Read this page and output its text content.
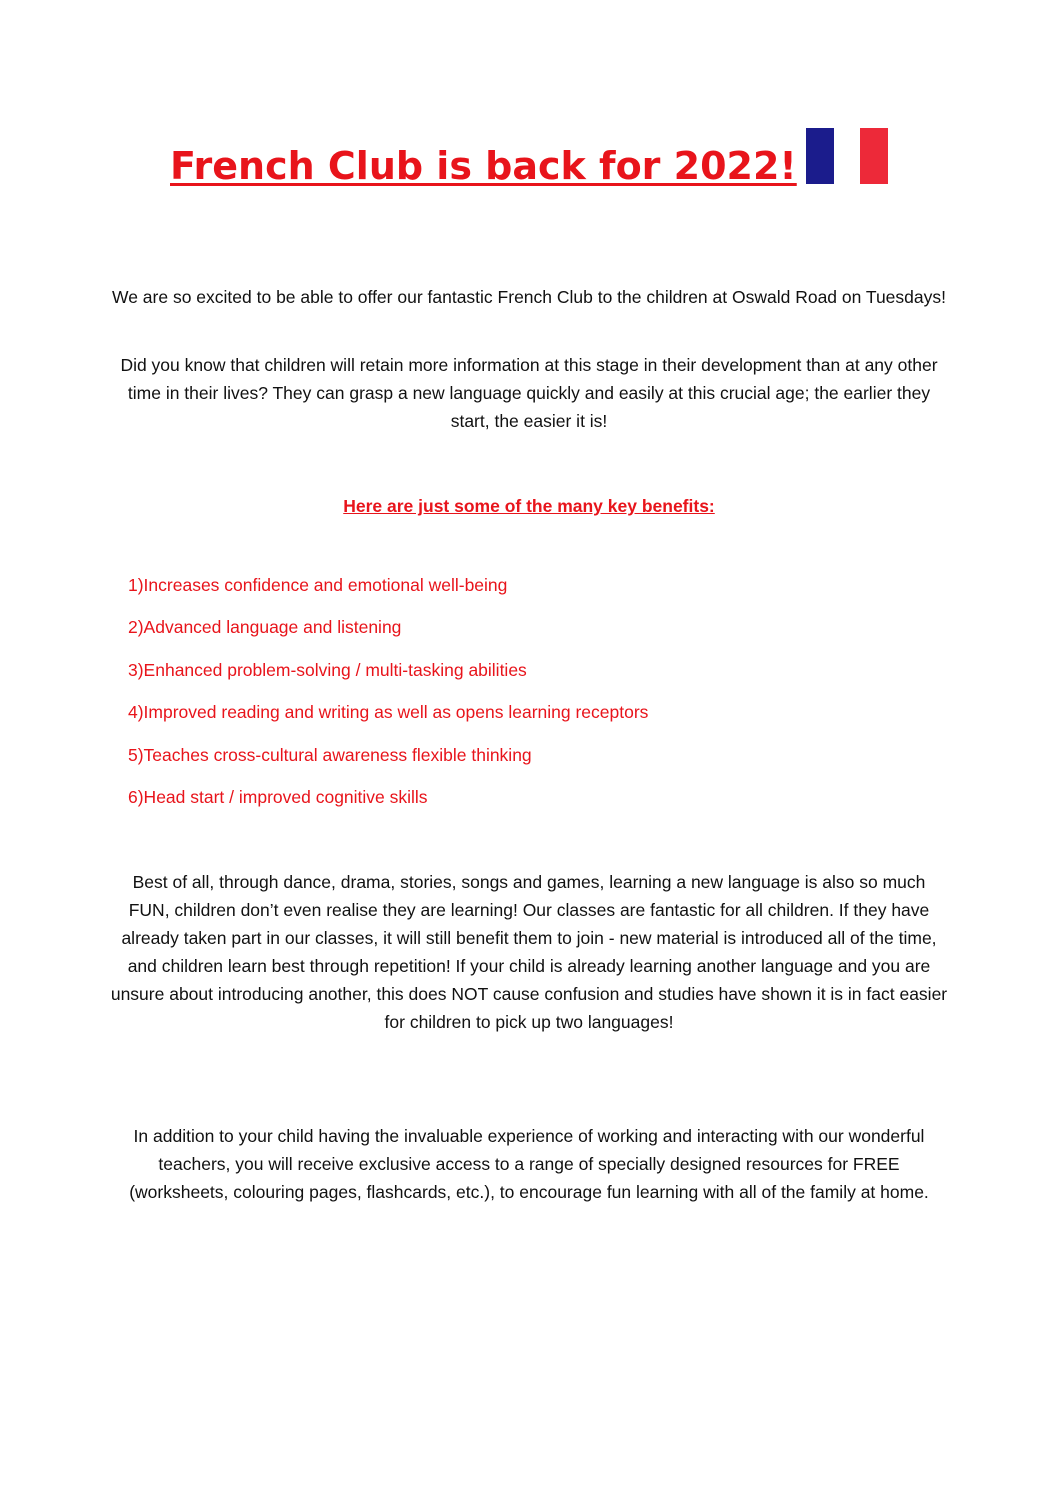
French Club is back for 2022!

We are so excited to be able to offer our fantastic French Club to the children at Oswald Road on Tuesdays!

Did you know that children will retain more information at this stage in their development than at any other time in their lives? They can grasp a new language quickly and easily at this crucial age; the earlier they start, the easier it is!

Here are just some of the many key benefits:

1)Increases confidence and emotional well-being
2)Advanced language and listening
3)Enhanced problem-solving / multi-tasking abilities
4)Improved reading and writing as well as opens learning receptors
5)Teaches cross-cultural awareness flexible thinking
6)Head start / improved cognitive skills

Best of all, through dance, drama, stories, songs and games, learning a new language is also so much FUN, children don’t even realise they are learning! Our classes are fantastic for all children. If they have already taken part in our classes, it will still benefit them to join - new material is introduced all of the time, and children learn best through repetition! If your child is already learning another language and you are unsure about introducing another, this does NOT cause confusion and studies have shown it is in fact easier for children to pick up two languages!

In addition to your child having the invaluable experience of working and interacting with our wonderful teachers, you will receive exclusive access to a range of specially designed resources for FREE (worksheets, colouring pages, flashcards, etc.), to encourage fun learning with all of the family at home.
